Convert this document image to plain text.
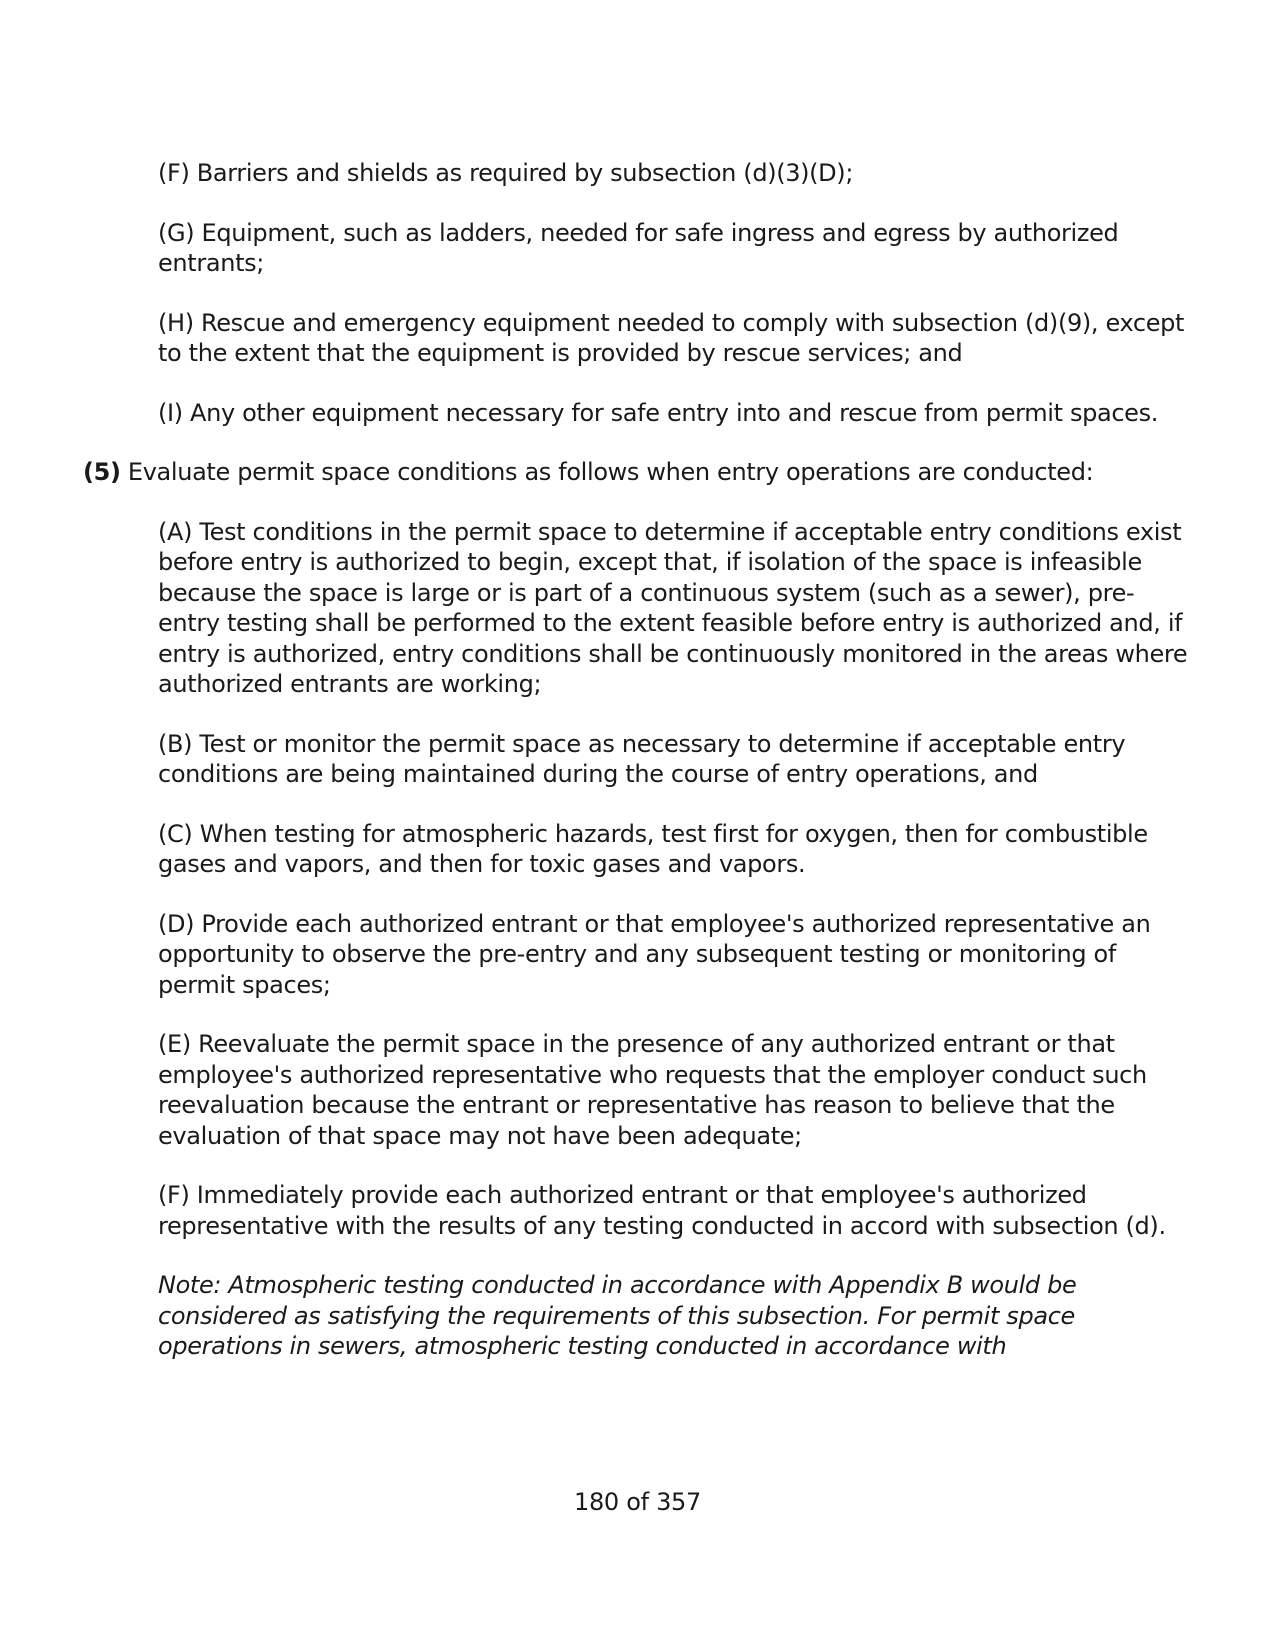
(F) Barriers and shields as required by subsection (d)(3)(D);

(G) Equipment, such as ladders, needed for safe ingress and egress by authorized entrants;

(H) Rescue and emergency equipment needed to comply with subsection (d)(9), except to the extent that the equipment is provided by rescue services; and

(I) Any other equipment necessary for safe entry into and rescue from permit spaces.

(5) Evaluate permit space conditions as follows when entry operations are conducted:

(A) Test conditions in the permit space to determine if acceptable entry conditions exist before entry is authorized to begin, except that, if isolation of the space is infeasible because the space is large or is part of a continuous system (such as a sewer), pre-entry testing shall be performed to the extent feasible before entry is authorized and, if entry is authorized, entry conditions shall be continuously monitored in the areas where authorized entrants are working;

(B) Test or monitor the permit space as necessary to determine if acceptable entry conditions are being maintained during the course of entry operations, and

(C) When testing for atmospheric hazards, test first for oxygen, then for combustible gases and vapors, and then for toxic gases and vapors.

(D) Provide each authorized entrant or that employee's authorized representative an opportunity to observe the pre-entry and any subsequent testing or monitoring of permit spaces;

(E) Reevaluate the permit space in the presence of any authorized entrant or that employee's authorized representative who requests that the employer conduct such reevaluation because the entrant or representative has reason to believe that the evaluation of that space may not have been adequate;

(F) Immediately provide each authorized entrant or that employee's authorized representative with the results of any testing conducted in accord with subsection (d).

Note: Atmospheric testing conducted in accordance with Appendix B would be considered as satisfying the requirements of this subsection. For permit space operations in sewers, atmospheric testing conducted in accordance with

180 of 357
